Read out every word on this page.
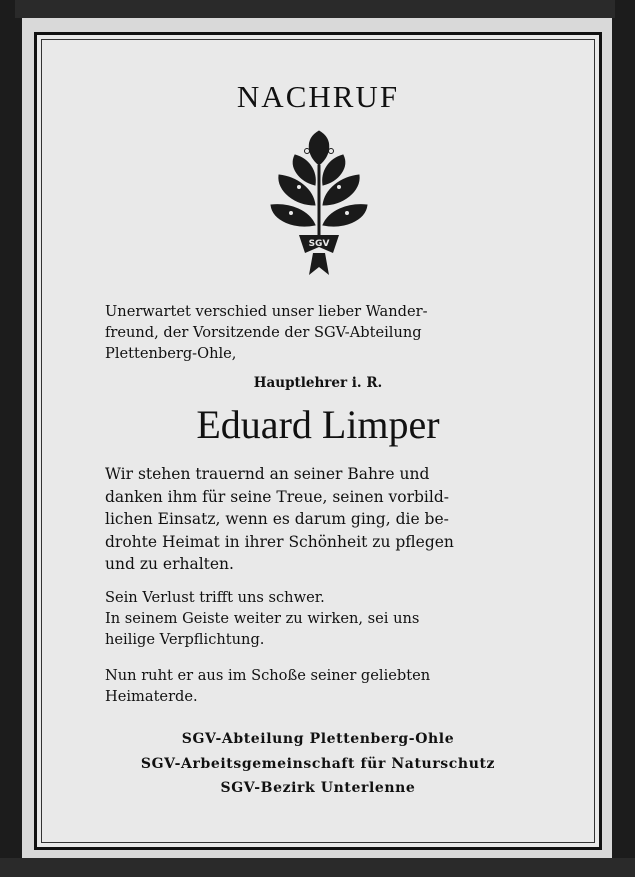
NACHRUF
SGV
Unerwartet verschied unser lieber Wander-
freund, der Vorsitzende der SGV-Abteilung
Plettenberg-Ohle,
Hauptlehrer i. R.
Eduard Limper
Wir stehen trauernd an seiner Bahre und
danken ihm für seine Treue, seinen vorbild-
lichen Einsatz, wenn es darum ging, die be-
drohte Heimat in ihrer Schönheit zu pflegen
und zu erhalten.
Sein Verlust trifft uns schwer.
In seinem Geiste weiter zu wirken, sei uns
heilige Verpflichtung.
Nun ruht er aus im Schoße seiner geliebten
Heimaterde.
SGV-Abteilung Plettenberg-Ohle
SGV-Arbeitsgemeinschaft für Naturschutz
SGV-Bezirk Unterlenne
